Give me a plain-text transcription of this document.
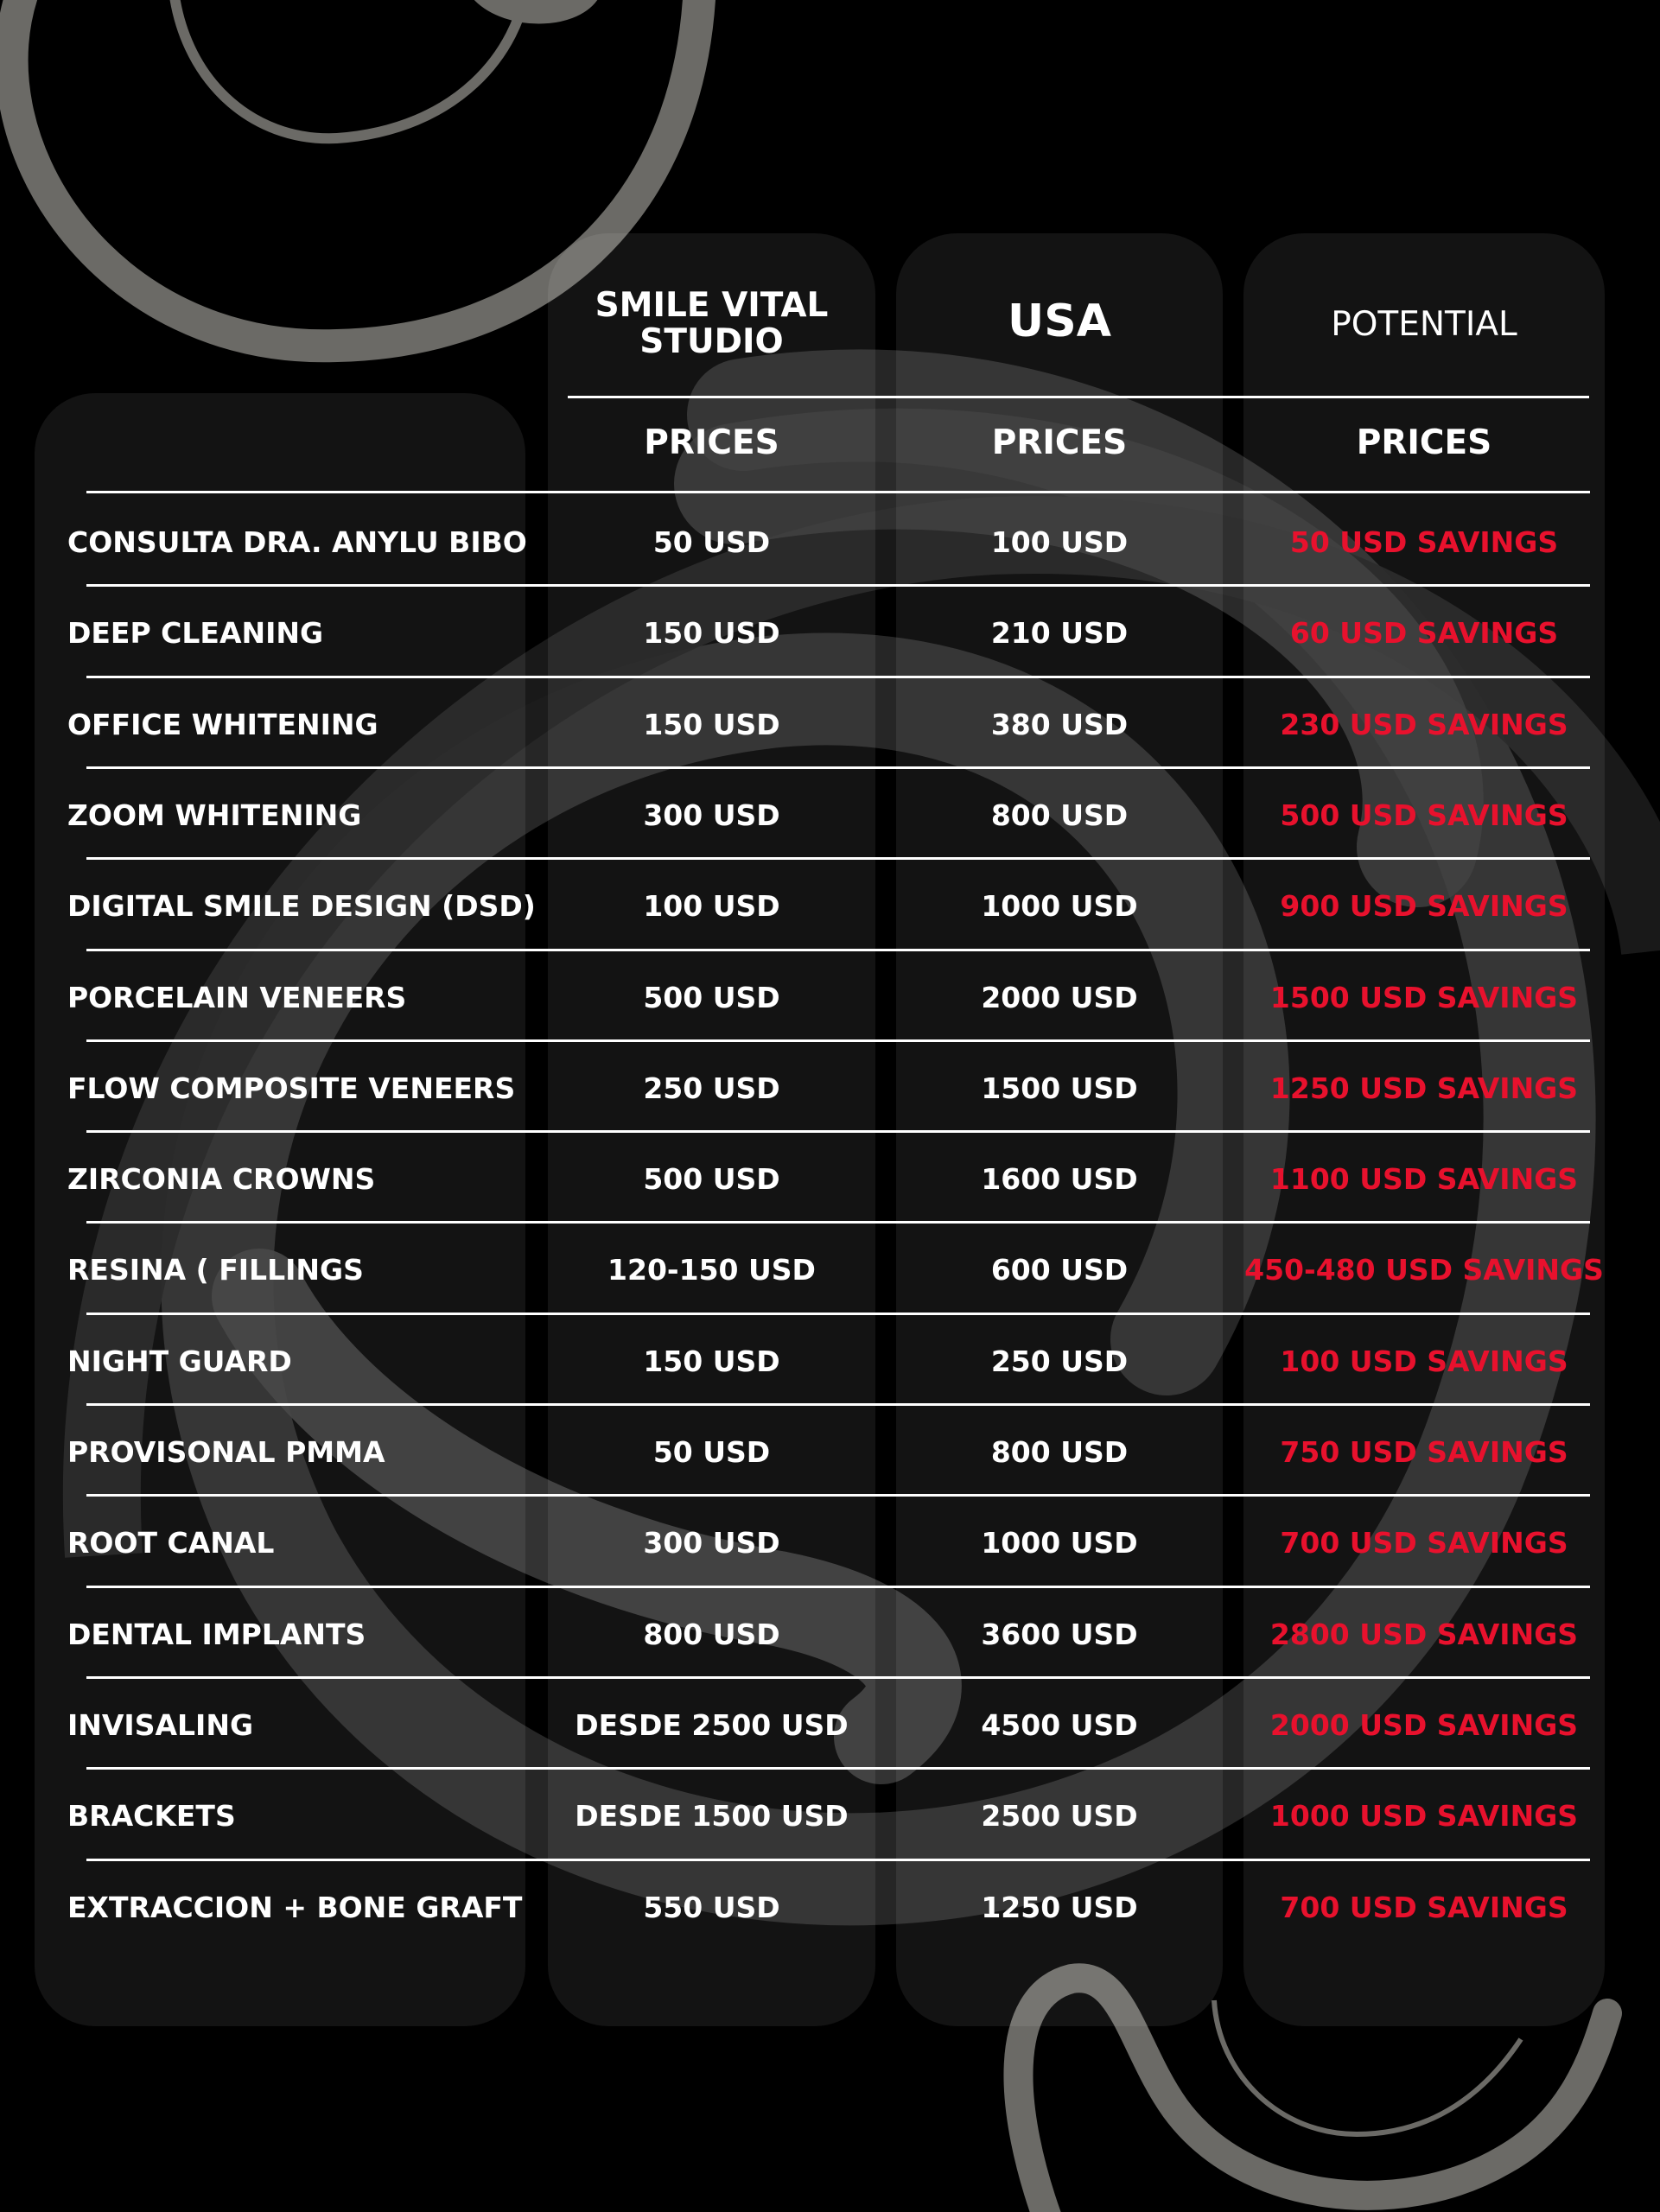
SMILE VITAL
STUDIO	USA	POTENTIAL
PRICES	PRICES	PRICES
CONSULTA DRA. ANYLU BIBO	50 USD	100 USD	50 USD SAVINGS
DEEP CLEANING	150 USD	210 USD	60 USD SAVINGS
OFFICE WHITENING	150 USD	380 USD	230 USD SAVINGS
ZOOM WHITENING	300 USD	800 USD	500 USD SAVINGS
DIGITAL SMILE DESIGN (DSD)	100 USD	1000 USD	900 USD SAVINGS
PORCELAIN VENEERS	500 USD	2000 USD	1500 USD SAVINGS
FLOW COMPOSITE VENEERS	250 USD	1500 USD	1250 USD SAVINGS
ZIRCONIA CROWNS	500 USD	1600 USD	1100 USD SAVINGS
RESINA ( FILLINGS	120-150 USD	600 USD	450-480 USD SAVINGS
NIGHT GUARD	150 USD	250 USD	100 USD SAVINGS
PROVISONAL PMMA	50 USD	800 USD	750 USD SAVINGS
ROOT CANAL	300 USD	1000 USD	700 USD SAVINGS
DENTAL IMPLANTS	800 USD	3600 USD	2800 USD SAVINGS
INVISALING	DESDE 2500 USD	4500 USD	2000 USD SAVINGS
BRACKETS	DESDE 1500 USD	2500 USD	1000 USD SAVINGS
EXTRACCION + BONE GRAFT	550 USD	1250 USD	700 USD SAVINGS
